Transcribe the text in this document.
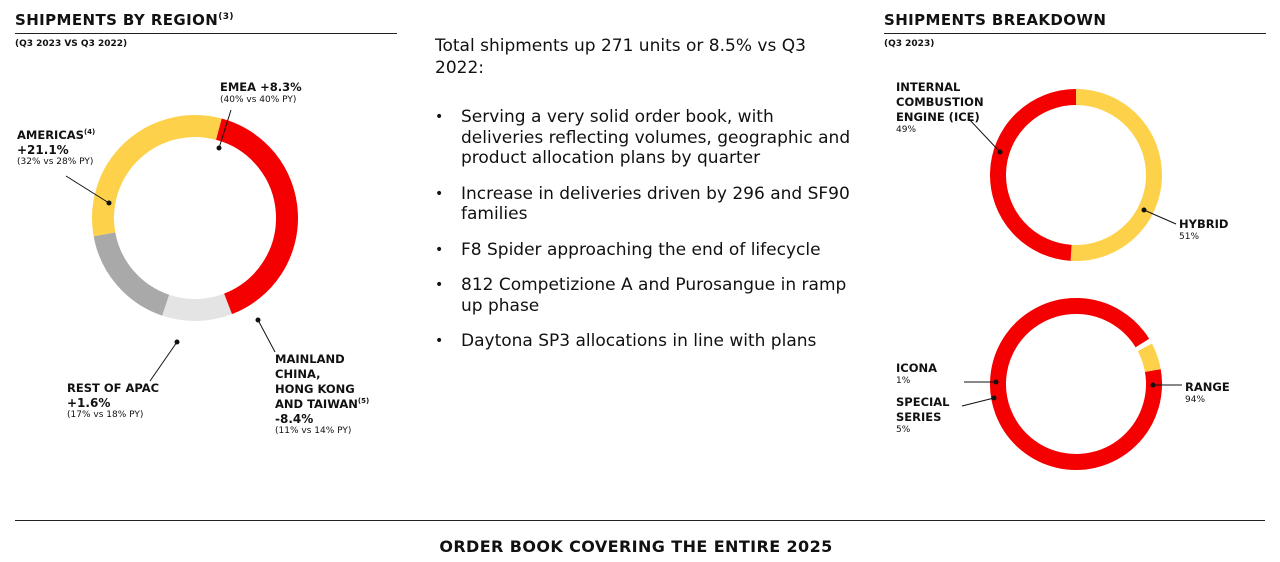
SHIPMENTS BY REGION$^{(3)}$
(Q3 2023 VS Q3 2022)
SHIPMENTS BREAKDOWN
(Q3 2023)
Total shipments up 271 units or 8.5% vs Q3 2022:
• Serving a very solid order book, with deliveries reflecting volumes, geographic and product allocation plans by quarter
• Increase in deliveries driven by 296 and SF90 families
• F8 Spider approaching the end of lifecycle
• 812 Competizione A and Purosangue in ramp up phase
• Daytona SP3 allocations in line with plans
EMEA +8.3%
(40% vs 40% PY)
$AMERICAS^{(4)}$
+21.1%
(32% vs 28% PY)
REST OF APAC
+1.6%
(17% vs 18% PY)
MAINLAND
CHINA,
HONG KONG
AND TAIWAN$^{(5)}$
-8.4%
(11% vs 14% PY)
INTERNAL
COMBUSTION
ENGINE (ICE)
49%
HYBRID
51%
ICONA
1%
SPECIAL
SERIES
5%
RANGE
94%
ORDER BOOK COVERING THE ENTIRE 2025
